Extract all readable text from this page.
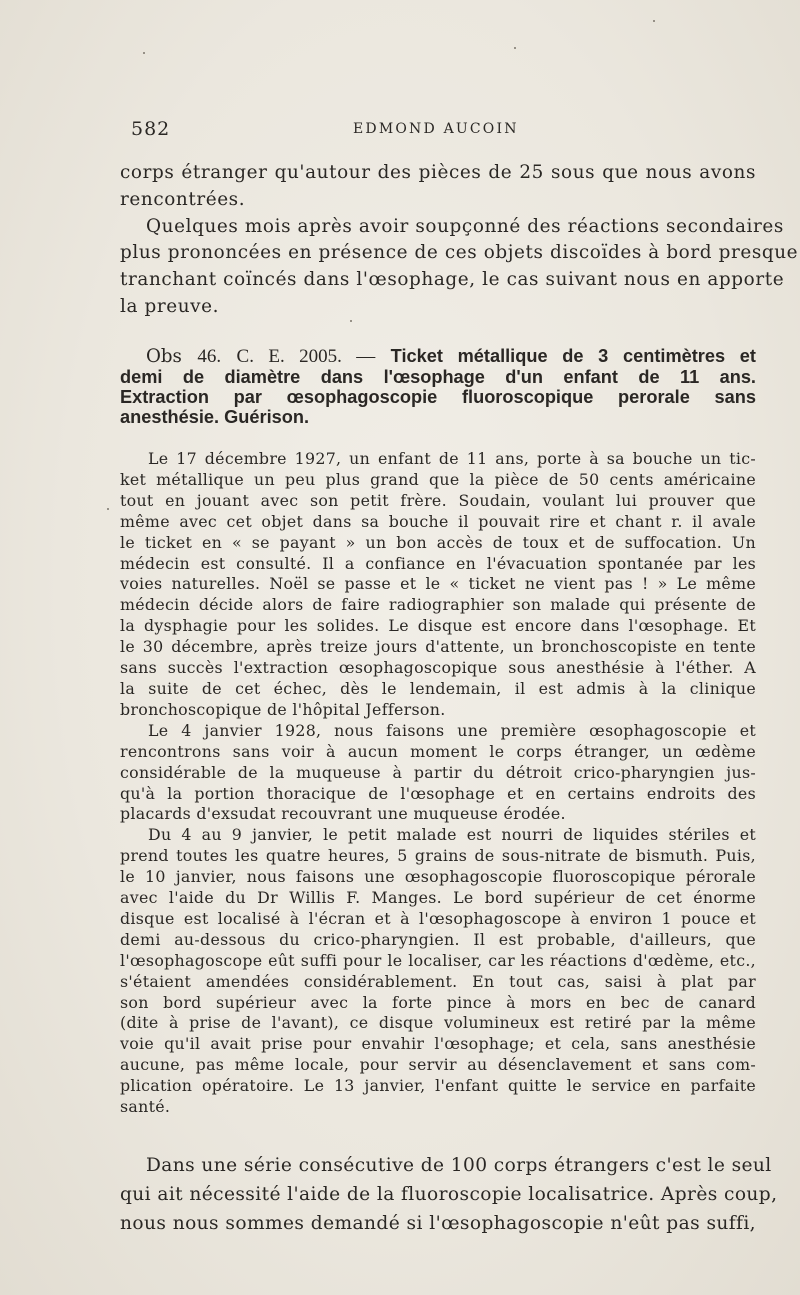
582	EDMOND AUCOIN
corps étranger qu'autour des pièces de 25 sous que nous avons
rencontrées.
Quelques mois après avoir soupçonné des réactions secondaires
plus prononcées en présence de ces objets discoïdes à bord presque
tranchant coïncés dans l'œsophage, le cas suivant nous en apporte
la preuve.
Obs 46. C. E. 2005. — Ticket métallique de 3 centimètres et
demi de diamètre dans l'œsophage d'un enfant de 11 ans.
Extraction par œsophagoscopie fluoroscopique perorale sans
anesthésie. Guérison.
Le 17 décembre 1927, un enfant de 11 ans, porte à sa bouche un tic-
ket métallique un peu plus grand que la pièce de 50 cents américaine
tout en jouant avec son petit frère. Soudain, voulant lui prouver que
même avec cet objet dans sa bouche il pouvait rire et chant r. il avale
le ticket en « se payant » un bon accès de toux et de suffocation. Un
médecin est consulté. Il a confiance en l'évacuation spontanée par les
voies naturelles. Noël se passe et le « ticket ne vient pas ! » Le même
médecin décide alors de faire radiographier son malade qui présente de
la dysphagie pour les solides. Le disque est encore dans l'œsophage. Et
le 30 décembre, après treize jours d'attente, un bronchoscopiste en tente
sans succès l'extraction œsophagoscopique sous anesthésie à l'éther. A
la suite de cet échec, dès le lendemain, il est admis à la clinique
bronchoscopique de l'hôpital Jefferson.
Le 4 janvier 1928, nous faisons une première œsophagoscopie et
rencontrons sans voir à aucun moment le corps étranger, un œdème
considérable de la muqueuse à partir du détroit crico-pharyngien jus-
qu'à la portion thoracique de l'œsophage et en certains endroits des
placards d'exsudat recouvrant une muqueuse érodée.
Du 4 au 9 janvier, le petit malade est nourri de liquides stériles et
prend toutes les quatre heures, 5 grains de sous-nitrate de bismuth. Puis,
le 10 janvier, nous faisons une œsophagoscopie fluoroscopique pérorale
avec l'aide du Dr Willis F. Manges. Le bord supérieur de cet énorme
disque est localisé à l'écran et à l'œsophagoscope à environ 1 pouce et
demi au-dessous du crico-pharyngien. Il est probable, d'ailleurs, que
l'œsophagoscope eût suffi pour le localiser, car les réactions d'œdème, etc.,
s'étaient amendées considérablement. En tout cas, saisi à plat par
son bord supérieur avec la forte pince à mors en bec de canard
(dite à prise de l'avant), ce disque volumineux est retiré par la même
voie qu'il avait prise pour envahir l'œsophage; et cela, sans anesthésie
aucune, pas même locale, pour servir au désenclavement et sans com-
plication opératoire. Le 13 janvier, l'enfant quitte le service en parfaite
santé.
Dans une série consécutive de 100 corps étrangers c'est le seul
qui ait nécessité l'aide de la fluoroscopie localisatrice. Après coup,
nous nous sommes demandé si l'œsophagoscopie n'eût pas suffi,
